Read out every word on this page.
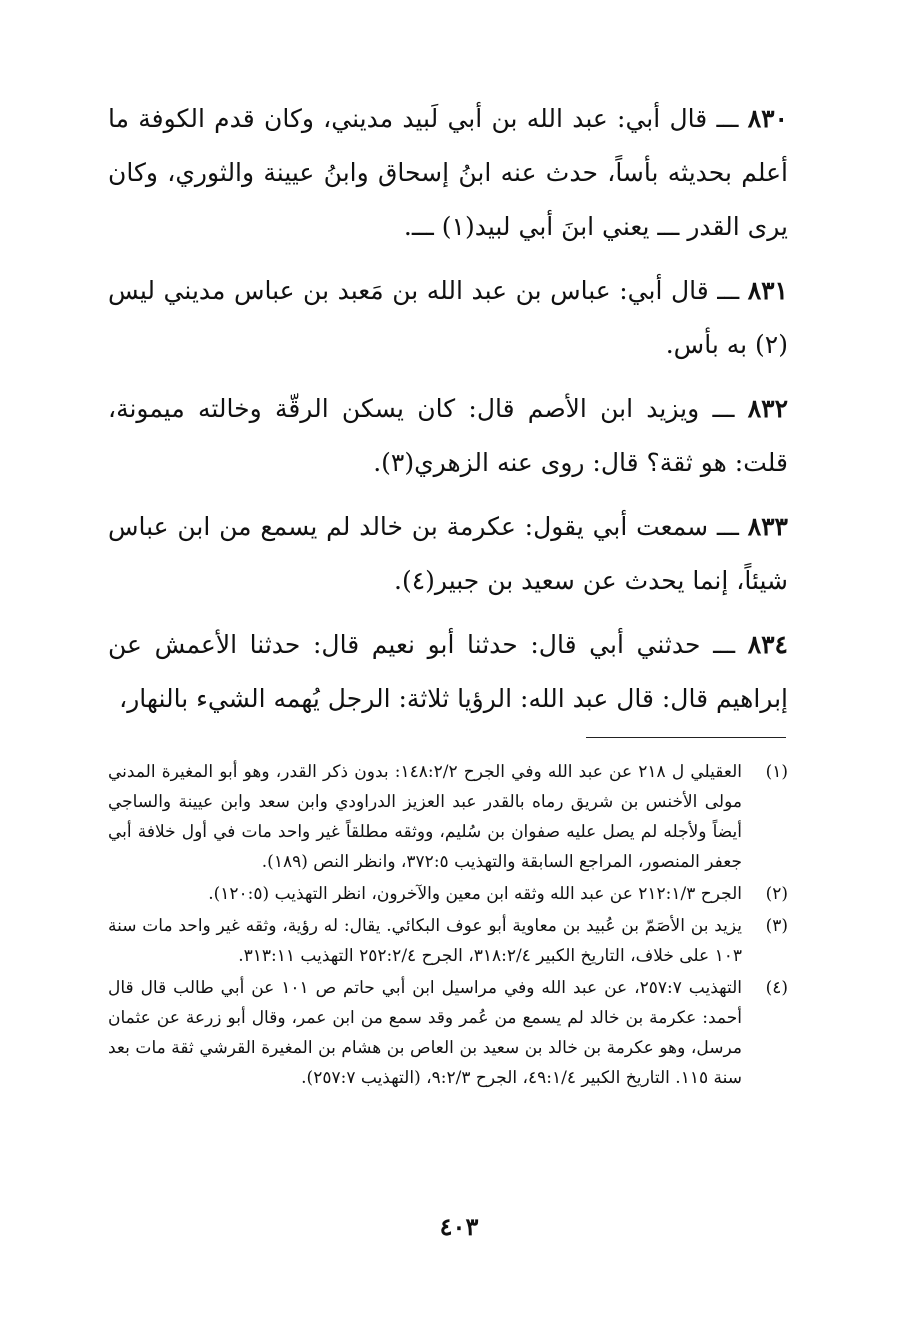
٨٣٠ ـــ قال أبي: عبد الله بن أبي لَبيد مديني، وكان قدم الكوفة ما أعلم بحديثه بأساً، حدث عنه ابنُ إسحاق وابنُ عيينة والثوري، وكان يرى القدر ـــ يعني ابنَ أبي لبيد(١) ـــ.

٨٣١ ـــ قال أبي: عباس بن عبد الله بن مَعبد بن عباس مديني ليس (٢) به بأس.

٨٣٢ ـــ ويزيد ابن الأصم قال: كان يسكن الرقّة وخالته ميمونة، قلت: هو ثقة؟ قال: روى عنه الزهري(٣).

٨٣٣ ـــ سمعت أبي يقول: عكرمة بن خالد لم يسمع من ابن عباس شيئاً، إنما يحدث عن سعيد بن جبير(٤).

٨٣٤ ـــ حدثني أبي قال: حدثنا أبو نعيم قال: حدثنا الأعمش عن إبراهيم قال: قال عبد الله: الرؤيا ثلاثة: الرجل يُهمه الشيء بالنهار،

(١)
العقيلي ل ٢١٨ عن عبد الله وفي الجرح ١٤٨:٢/٢: بدون ذكر القدر، وهو أبو المغيرة المدني مولى الأخنس بن شريق رماه بالقدر عبد العزيز الدراودي وابن سعد وابن عيينة والساجي أيضاً ولأجله لم يصل عليه صفوان بن سُليم، ووثقه مطلقاً غير واحد مات في أول خلافة أبي جعفر المنصور، المراجع السابقة والتهذيب ٣٧٢:٥، وانظر النص (١٨٩).
(٢)
الجرح ٢١٢:١/٣ عن عبد الله وثقه ابن معين والآخرون، انظر التهذيب (١٢٠:٥).
(٣)
يزيد بن الأصَمّ بن عُبيد بن معاوية أبو عوف البكائي. يقال: له رؤية، وثقه غير واحد مات سنة ١٠٣ على خلاف، التاريخ الكبير ٣١٨:٢/٤، الجرح ٢٥٢:٢/٤ التهذيب ٣١٣:١١.
(٤)
التهذيب ٢٥٧:٧، عن عبد الله وفي مراسيل ابن أبي حاتم ص ١٠١ عن أبي طالب قال قال أحمد: عكرمة بن خالد لم يسمع من عُمر وقد سمع من ابن عمر، وقال أبو زرعة عن عثمان مرسل، وهو عكرمة بن خالد بن سعيد بن العاص بن هشام بن المغيرة القرشي ثقة مات بعد سنة ١١٥. التاريخ الكبير ٤٩:١/٤، الجرح ٩:٢/٣، (التهذيب ٢٥٧:٧).
٤٠٣
